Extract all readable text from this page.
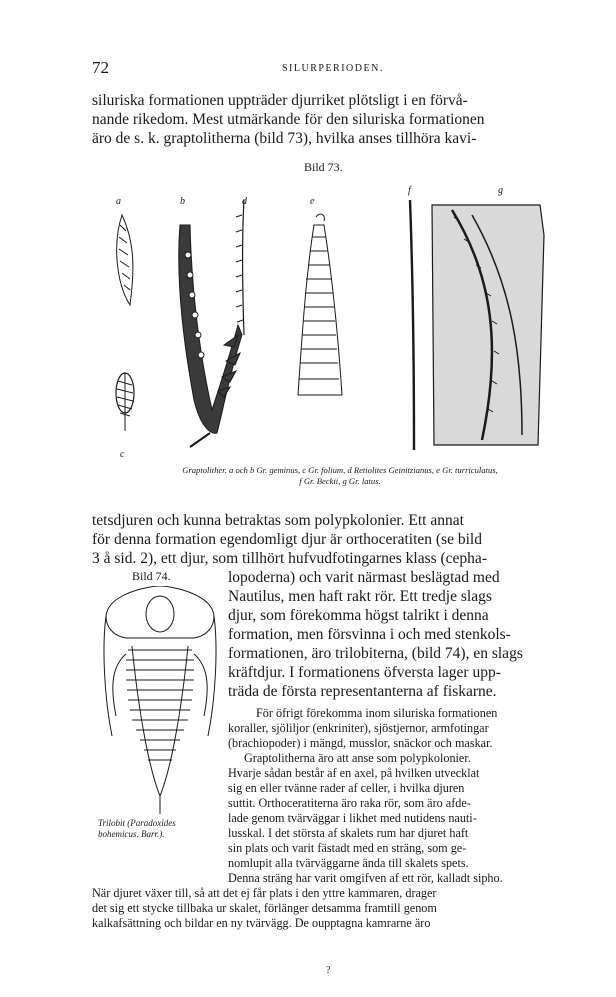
72	SILURPERIODEN.
siluriska formationen uppträder djurriket plötsligt i en förvå-
nande rikedom. Mest utmärkande för den siluriska formationen
äro de s. k. graptolitherna (bild 73), hvilka anses tillhöra kavi-
Bild 73.
a	b	d	e
f	g
c
Graptolither. a och b Gr. geminus, c Gr. folium, d Retiolites Geinitzianus, e Gr. turriculatus,
f Gr. Beckii, g Gr. latus.
tetsdjuren och kunna betraktas som polypkolonier. Ett annat
för denna formation egendomligt djur är orthoceratiten (se bild
3 å sid. 2), ett djur, som tillhört hufvudfotingarnes klass (cepha-
Bild 74.
Trilobit (Paradoxides
bohemicus. Barr.).
lopoderna) och varit närmast beslägtad med
Nautilus, men haft rakt rör. Ett tredje slags
djur, som förekomma högst talrikt i denna
formation, men försvinna i och med stenkols-
formationen, äro trilobiterna, (bild 74), en slags
kräftdjur. I formationens öfversta lager upp-
träda de första representanterna af fiskarne.
För öfrigt förekomma inom siluriska formationen
koraller, sjöliljor (enkriniter), sjöstjernor, armfotingar
(brachiopoder) i mängd, musslor, snäckor och maskar.
Graptolitherna äro att anse som polypkolonier.
Hvarje sådan består af en axel, på hvilken utvecklat
sig en eller tvänne rader af celler, i hvilka djuren
suttit. Orthoceratiterna äro raka rör, som äro afde-
lade genom tvärväggar i likhet med nutidens nauti-
lusskal. I det största af skalets rum har djuret haft
sin plats och varit fästadt med en sträng, som ge-
nomlupit alla tvärväggarne ända till skalets spets.
Denna sträng har varit omgifven af ett rör, kalladt sipho.
När djuret växer till, så att det ej får plats i den yttre kammaren, drager
det sig ett stycke tillbaka ur skalet, förlänger detsamma framtill genom
kalkafsättning och bildar en ny tvärvägg. De oupptagna kamrarne äro
?
